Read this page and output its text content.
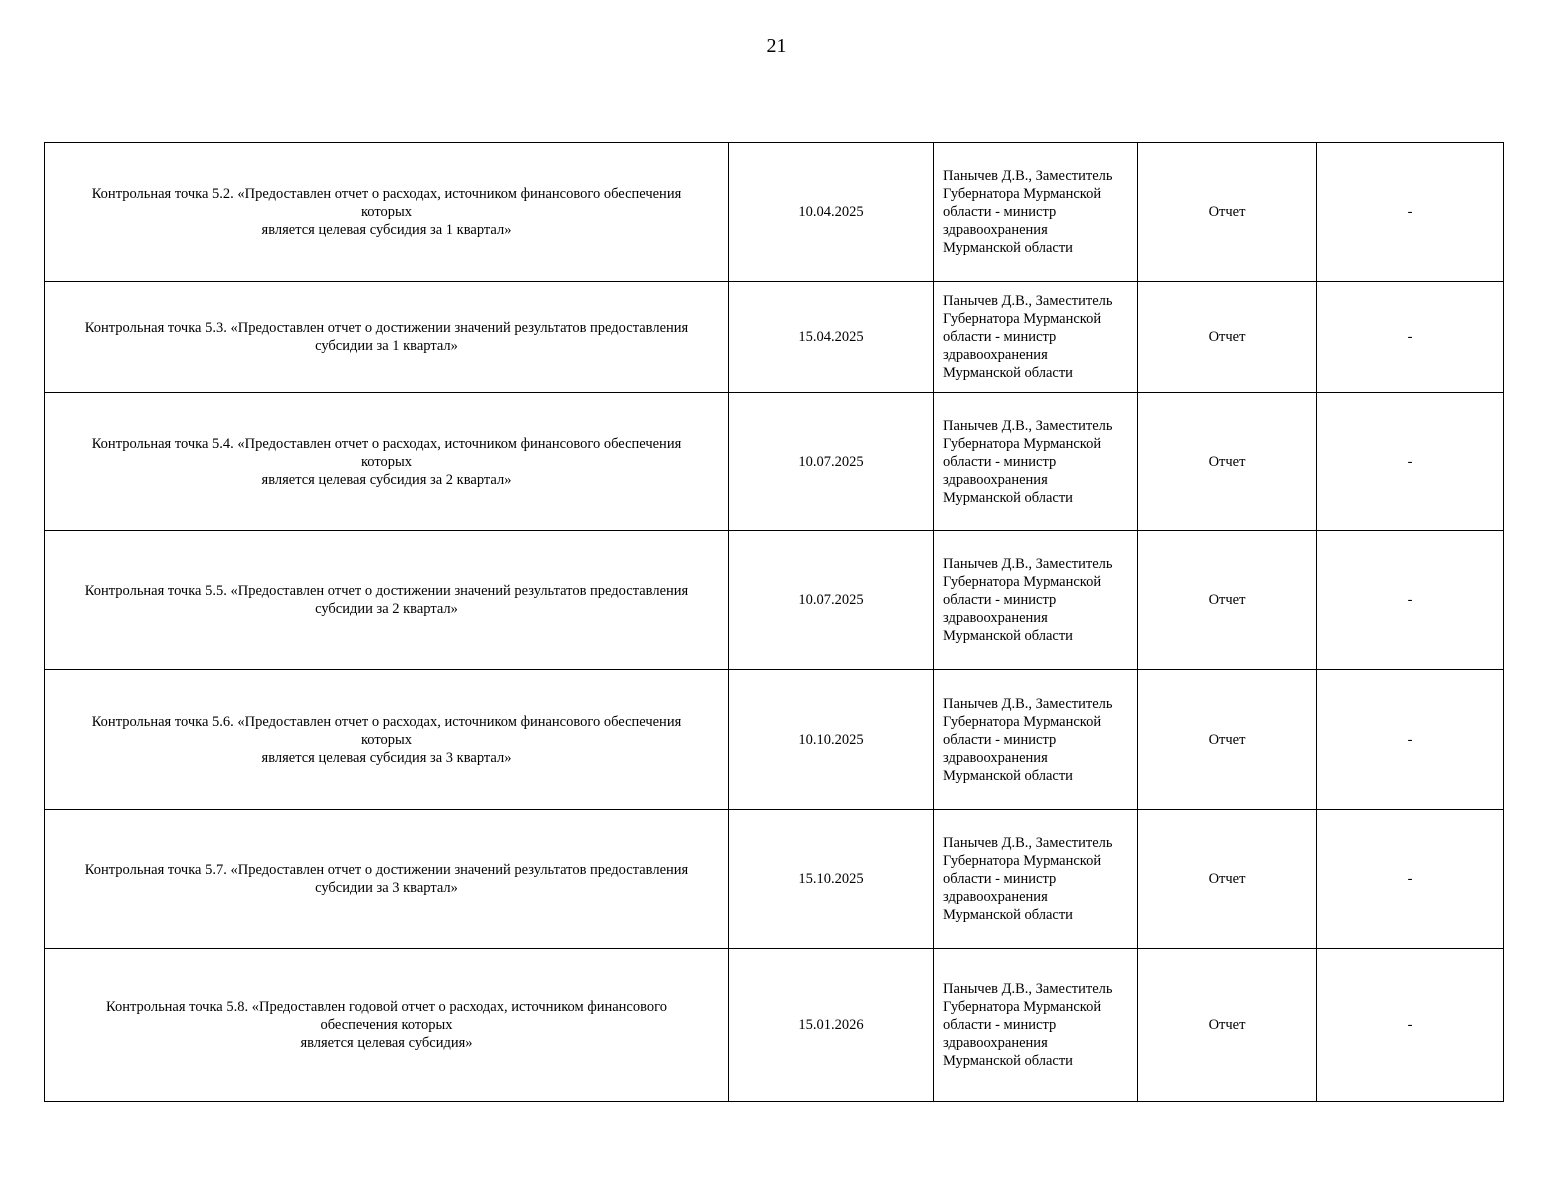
21
Контрольная точка 5.2. «Предоставлен отчет о расходах, источником финансового обеспечения
которых
является целевая субсидия за 1 квартал»	10.04.2025	Панычев Д.В., Заместитель
Губернатора Мурманской
области - министр
здравоохранения
Мурманской области	Отчет	-

Контрольная точка 5.3. «Предоставлен отчет о достижении значений результатов предоставления
субсидии за 1 квартал»	15.04.2025	Панычев Д.В., Заместитель
Губернатора Мурманской
области - министр
здравоохранения
Мурманской области	Отчет	-

Контрольная точка 5.4. «Предоставлен отчет о расходах, источником финансового обеспечения
которых
является целевая субсидия за 2 квартал»	10.07.2025	Панычев Д.В., Заместитель
Губернатора Мурманской
области - министр
здравоохранения
Мурманской области	Отчет	-

Контрольная точка 5.5. «Предоставлен отчет о достижении значений результатов предоставления
субсидии за 2 квартал»	10.07.2025	Панычев Д.В., Заместитель
Губернатора Мурманской
области - министр
здравоохранения
Мурманской области	Отчет	-

Контрольная точка 5.6. «Предоставлен отчет о расходах, источником финансового обеспечения
которых
является целевая субсидия за 3 квартал»	10.10.2025	Панычев Д.В., Заместитель
Губернатора Мурманской
области - министр
здравоохранения
Мурманской области	Отчет	-

Контрольная точка 5.7. «Предоставлен отчет о достижении значений результатов предоставления
субсидии за 3 квартал»	15.10.2025	Панычев Д.В., Заместитель
Губернатора Мурманской
области - министр
здравоохранения
Мурманской области	Отчет	-

Контрольная точка 5.8. «Предоставлен годовой отчет о расходах, источником финансового
обеспечения которых
является целевая субсидия»	15.01.2026	Панычев Д.В., Заместитель
Губернатора Мурманской
области - министр
здравоохранения
Мурманской области	Отчет	-
